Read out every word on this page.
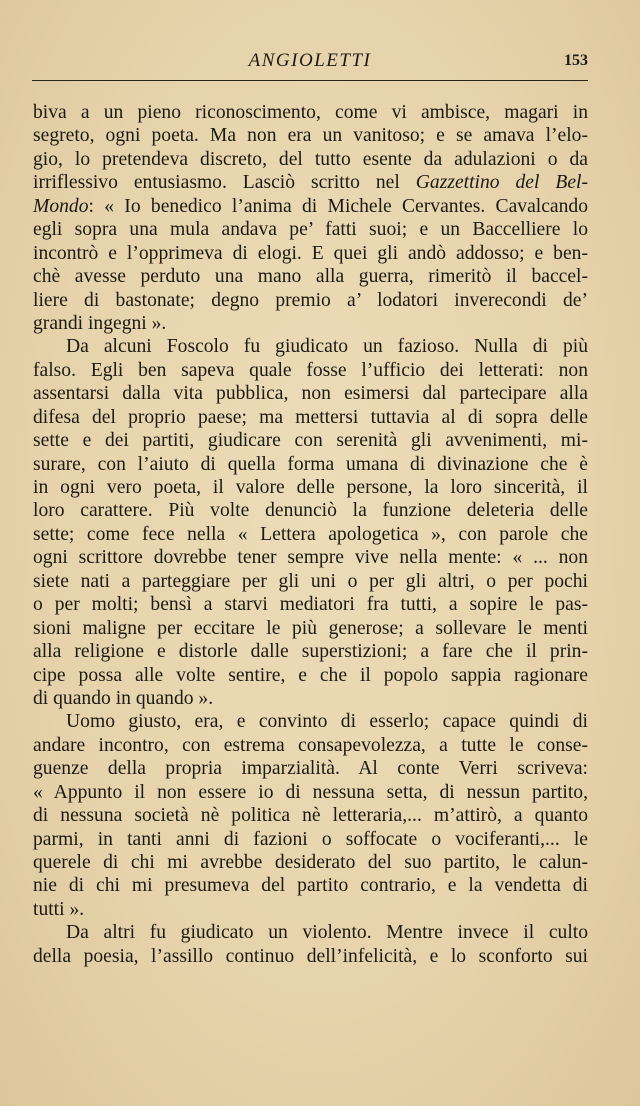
ANGIOLETTI	153
biva a un pieno riconoscimento, come vi ambisce, magari in
segreto, ogni poeta. Ma non era un vanitoso; e se amava l’elo-
gio, lo pretendeva discreto, del tutto esente da adulazioni o da
irriflessivo entusiasmo. Lasciò scritto nel Gazzettino del Bel-
Mondo: « Io benedico l’anima di Michele Cervantes. Cavalcando
egli sopra una mula andava pe’ fatti suoi; e un Baccelliere lo
incontrò e l’opprimeva di elogi. E quei gli andò addosso; e ben-
chè avesse perduto una mano alla guerra, rimeritò il baccel-
liere di bastonate; degno premio a’ lodatori inverecondi de’
grandi ingegni ».
Da alcuni Foscolo fu giudicato un fazioso. Nulla di più
falso. Egli ben sapeva quale fosse l’ufficio dei letterati: non
assentarsi dalla vita pubblica, non esimersi dal partecipare alla
difesa del proprio paese; ma mettersi tuttavia al di sopra delle
sette e dei partiti, giudicare con serenità gli avvenimenti, mi-
surare, con l’aiuto di quella forma umana di divinazione che è
in ogni vero poeta, il valore delle persone, la loro sincerità, il
loro carattere. Più volte denunciò la funzione deleteria delle
sette; come fece nella « Lettera apologetica », con parole che
ogni scrittore dovrebbe tener sempre vive nella mente: « ... non
siete nati a parteggiare per gli uni o per gli altri, o per pochi
o per molti; bensì a starvi mediatori fra tutti, a sopire le pas-
sioni maligne per eccitare le più generose; a sollevare le menti
alla religione e distorle dalle superstizioni; a fare che il prin-
cipe possa alle volte sentire, e che il popolo sappia ragionare
di quando in quando ».
Uomo giusto, era, e convinto di esserlo; capace quindi di
andare incontro, con estrema consapevolezza, a tutte le conse-
guenze della propria imparzialità. Al conte Verri scriveva:
« Appunto il non essere io di nessuna setta, di nessun partito,
di nessuna società nè politica nè letteraria,... m’attirò, a quanto
parmi, in tanti anni di fazioni o soffocate o vociferanti,... le
querele di chi mi avrebbe desiderato del suo partito, le calun-
nie di chi mi presumeva del partito contrario, e la vendetta di
tutti ».
Da altri fu giudicato un violento. Mentre invece il culto
della poesia, l’assillo continuo dell’infelicità, e lo sconforto sui
